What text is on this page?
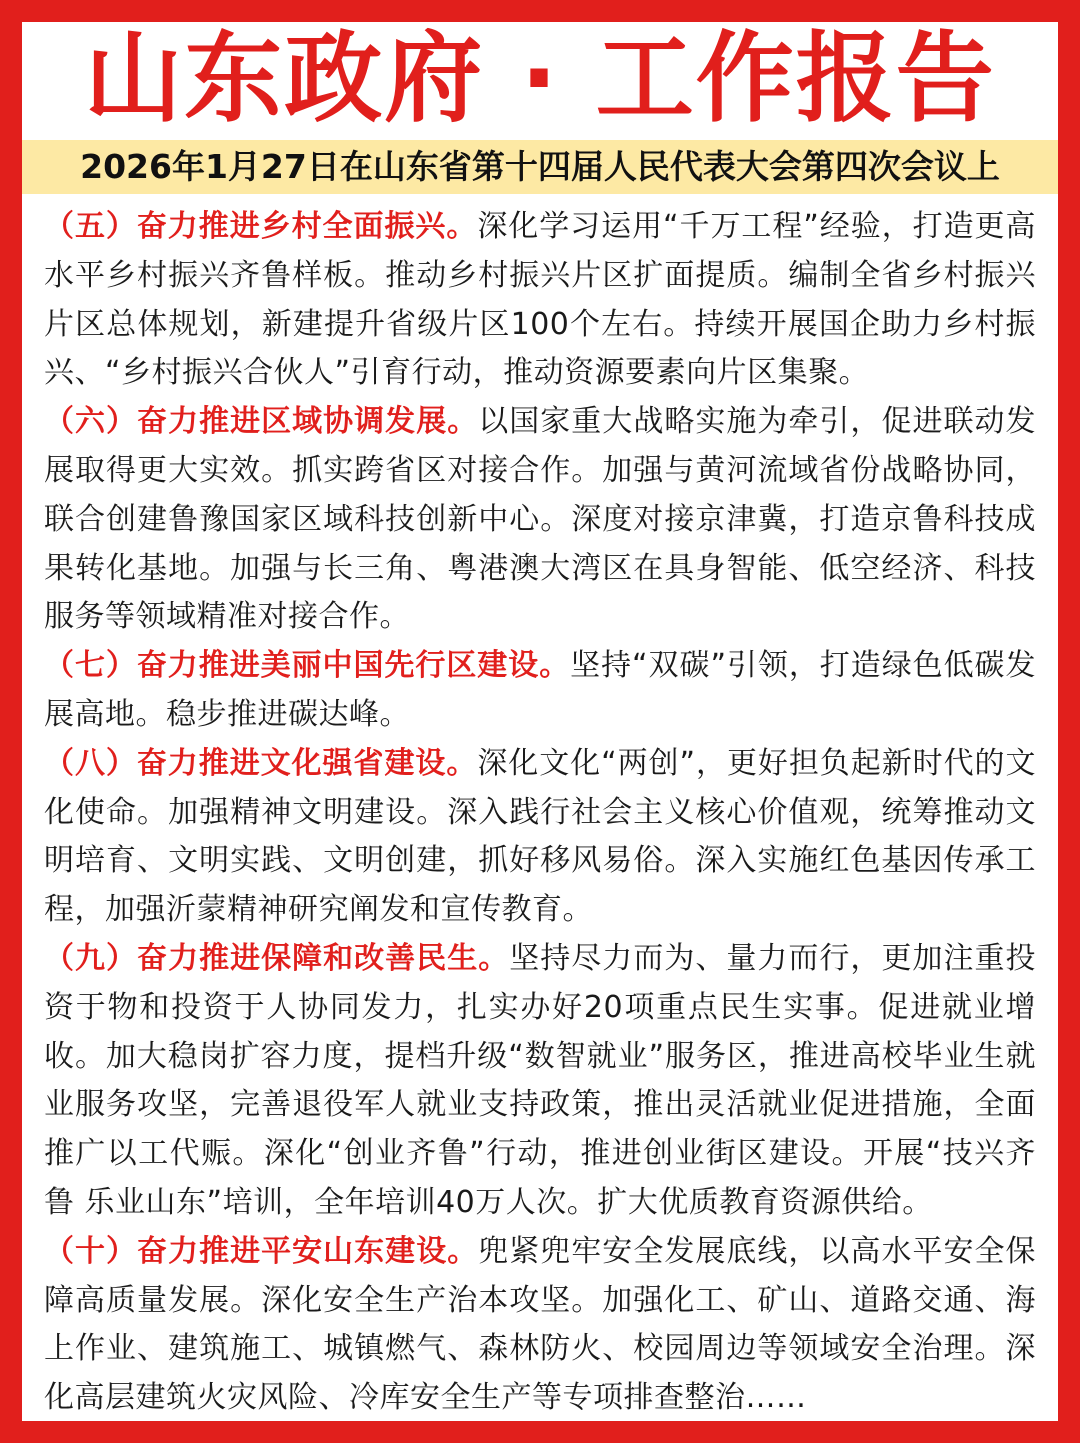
山东政府 · 工作报告
2026年1月27日在山东省第十四届人民代表大会第四次会议上

（五）奋力推进乡村全面振兴。深化学习运用“千万工程”经验，打造更高水平乡村振兴齐鲁样板。推动乡村振兴片区扩面提质。编制全省乡村振兴片区总体规划，新建提升省级片区100个左右。持续开展国企助力乡村振兴、“乡村振兴合伙人”引育行动，推动资源要素向片区集聚。

（六）奋力推进区域协调发展。以国家重大战略实施为牵引，促进联动发展取得更大实效。抓实跨省区对接合作。加强与黄河流域省份战略协同，联合创建鲁豫国家区域科技创新中心。深度对接京津冀，打造京鲁科技成果转化基地。加强与长三角、粤港澳大湾区在具身智能、低空经济、科技服务等领域精准对接合作。

（七）奋力推进美丽中国先行区建设。坚持“双碳”引领，打造绿色低碳发展高地。稳步推进碳达峰。

（八）奋力推进文化强省建设。深化文化“两创”，更好担负起新时代的文化使命。加强精神文明建设。深入践行社会主义核心价值观，统筹推动文明培育、文明实践、文明创建，抓好移风易俗。深入实施红色基因传承工程，加强沂蒙精神研究阐发和宣传教育。

（九）奋力推进保障和改善民生。坚持尽力而为、量力而行，更加注重投资于物和投资于人协同发力，扎实办好20项重点民生实事。促进就业增收。加大稳岗扩容力度，提档升级“数智就业”服务区，推进高校毕业生就业服务攻坚，完善退役军人就业支持政策，推出灵活就业促进措施，全面推广以工代赈。深化“创业齐鲁”行动，推进创业街区建设。开展“技兴齐鲁 乐业山东”培训，全年培训40万人次。扩大优质教育资源供给。

（十）奋力推进平安山东建设。兜紧兜牢安全发展底线，以高水平安全保障高质量发展。深化安全生产治本攻坚。加强化工、矿山、道路交通、海上作业、建筑施工、城镇燃气、森林防火、校园周边等领域安全治理。深化高层建筑火灾风险、冷库安全生产等专项排查整治……
